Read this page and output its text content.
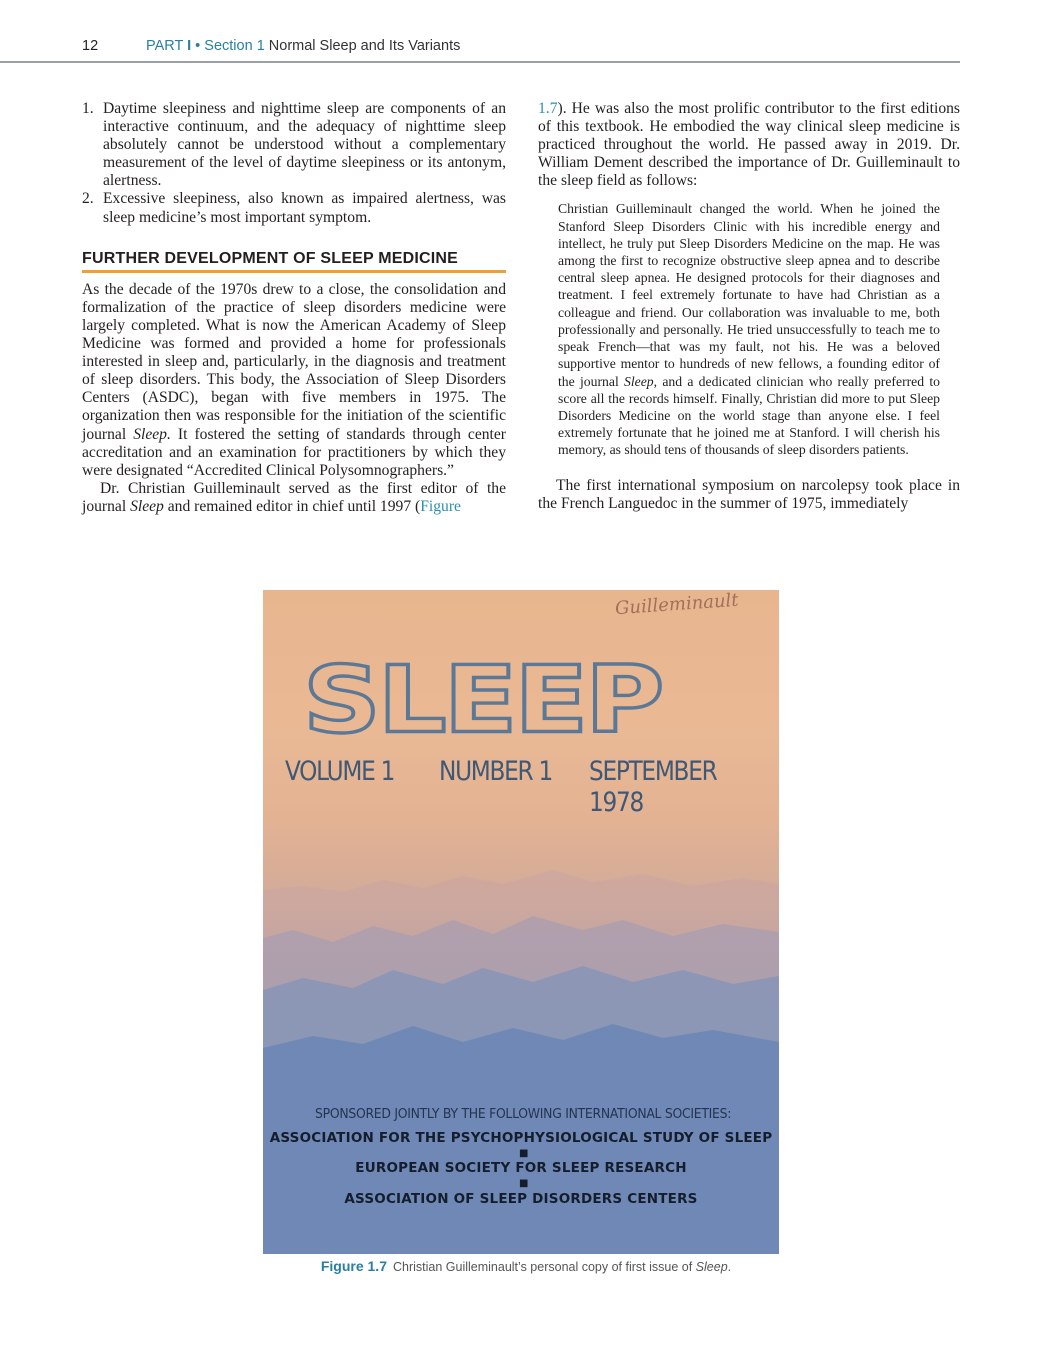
12	PART I • Section 1 Normal Sleep and Its Variants
1. Daytime sleepiness and nighttime sleep are components of an interactive continuum, and the adequacy of nighttime sleep absolutely cannot be understood without a complementary measurement of the level of daytime sleepiness or its antonym, alertness.
2. Excessive sleepiness, also known as impaired alertness, was sleep medicine’s most important symptom.
FURTHER DEVELOPMENT OF SLEEP MEDICINE

As the decade of the 1970s drew to a close, the consolidation and formalization of the practice of sleep disorders medicine were largely completed. What is now the American Academy of Sleep Medicine was formed and provided a home for professionals interested in sleep and, particularly, in the diagnosis and treatment of sleep disorders. This body, the Association of Sleep Disorders Centers (ASDC), began with five members in 1975. The organization then was responsible for the initiation of the scientific journal Sleep. It fostered the setting of standards through center accreditation and an examination for practitioners by which they were designated “Accredited Clinical Polysomnographers.”

Dr. Christian Guilleminault served as the first editor of the journal Sleep and remained editor in chief until 1997 (Figure

1.7). He was also the most prolific contributor to the first editions of this textbook. He embodied the way clinical sleep medicine is practiced throughout the world. He passed away in 2019. Dr. William Dement described the importance of Dr. Guilleminault to the sleep field as follows:

Christian Guilleminault changed the world. When he joined the Stanford Sleep Disorders Clinic with his incredible energy and intellect, he truly put Sleep Disorders Medicine on the map. He was among the first to recognize obstructive sleep apnea and to describe central sleep apnea. He designed protocols for their diagnoses and treatment. I feel extremely fortunate to have had Christian as a colleague and friend. Our collaboration was invaluable to me, both professionally and personally. He tried unsuccessfully to teach me to speak French—that was my fault, not his. He was a beloved supportive mentor to hundreds of new fellows, a founding editor of the journal Sleep, and a dedicated clinician who really preferred to score all the records himself. Finally, Christian did more to put Sleep Disorders Medicine on the world stage than anyone else. I feel extremely fortunate that he joined me at Stanford. I will cherish his memory, as should tens of thousands of sleep disorders patients.

The first international symposium on narcolepsy took place in the French Languedoc in the summer of 1975, immediately

Guilleminault
SLEEP
VOLUME 1 NUMBER 1 SEPTEMBER 1978
SPONSORED JOINTLY BY THE FOLLOWING INTERNATIONAL SOCIETIES:
ASSOCIATION FOR THE PSYCHOPHYSIOLOGICAL STUDY OF SLEEP
■
EUROPEAN SOCIETY FOR SLEEP RESEARCH
■
ASSOCIATION OF SLEEP DISORDERS CENTERS
Figure 1.7 Christian Guilleminault’s personal copy of first issue of Sleep.
